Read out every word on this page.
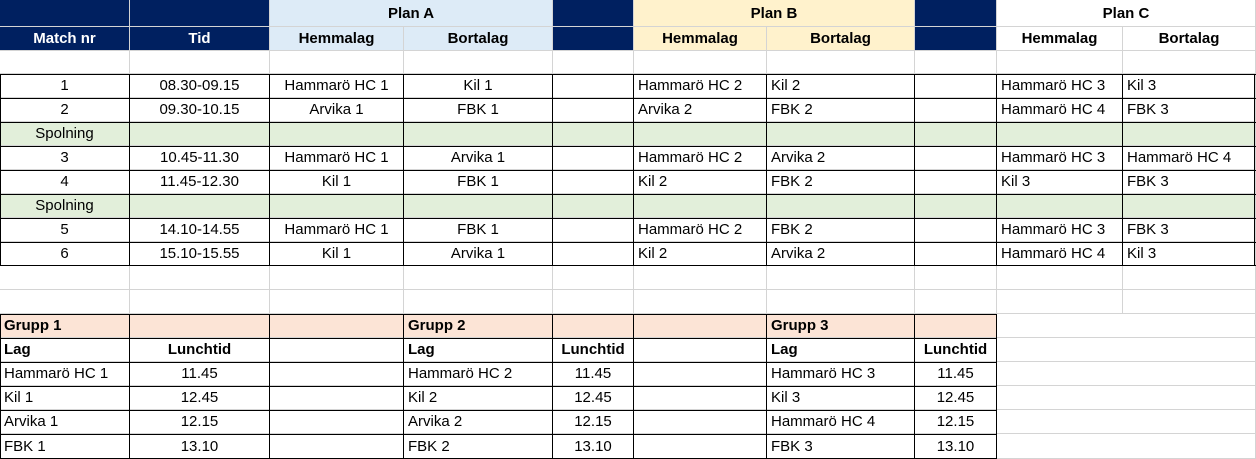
Plan A	Plan B	Plan C
Match nr	Tid	Hemmalag	Bortalag	Hemmalag	Bortalag	Hemmalag	Bortalag
1	08.30-09.15	Hammarö HC 1	Kil 1	Hammarö HC 2	Kil 2	Hammarö HC 3	Kil 3
2	09.30-10.15	Arvika 1	FBK 1	Arvika 2	FBK 2	Hammarö HC 4	FBK 3
Spolning
3	10.45-11.30	Hammarö HC 1	Arvika 1	Hammarö HC 2	Arvika 2	Hammarö HC 3	Hammarö HC 4
4	11.45-12.30	Kil 1	FBK 1	Kil 2	FBK 2	Kil 3	FBK 3
Spolning
5	14.10-14.55	Hammarö HC 1	FBK 1	Hammarö HC 2	FBK 2	Hammarö HC 3	FBK 3
6	15.10-15.55	Kil 1	Arvika 1	Kil 2	Arvika 2	Hammarö HC 4	Kil 3
Grupp 1
Lag	Lunchtid
Hammarö HC 1	11.45
Kil 1	12.45
Arvika 1	12.15
FBK 1	13.10
Grupp 2
Lag	Lunchtid
Hammarö HC 2	11.45
Kil 2	12.45
Arvika 2	12.15
FBK 2	13.10
Grupp 3
Lag	Lunchtid
Hammarö HC 3	11.45
Kil 3	12.45
Hammarö HC 4	12.15
FBK 3	13.10
